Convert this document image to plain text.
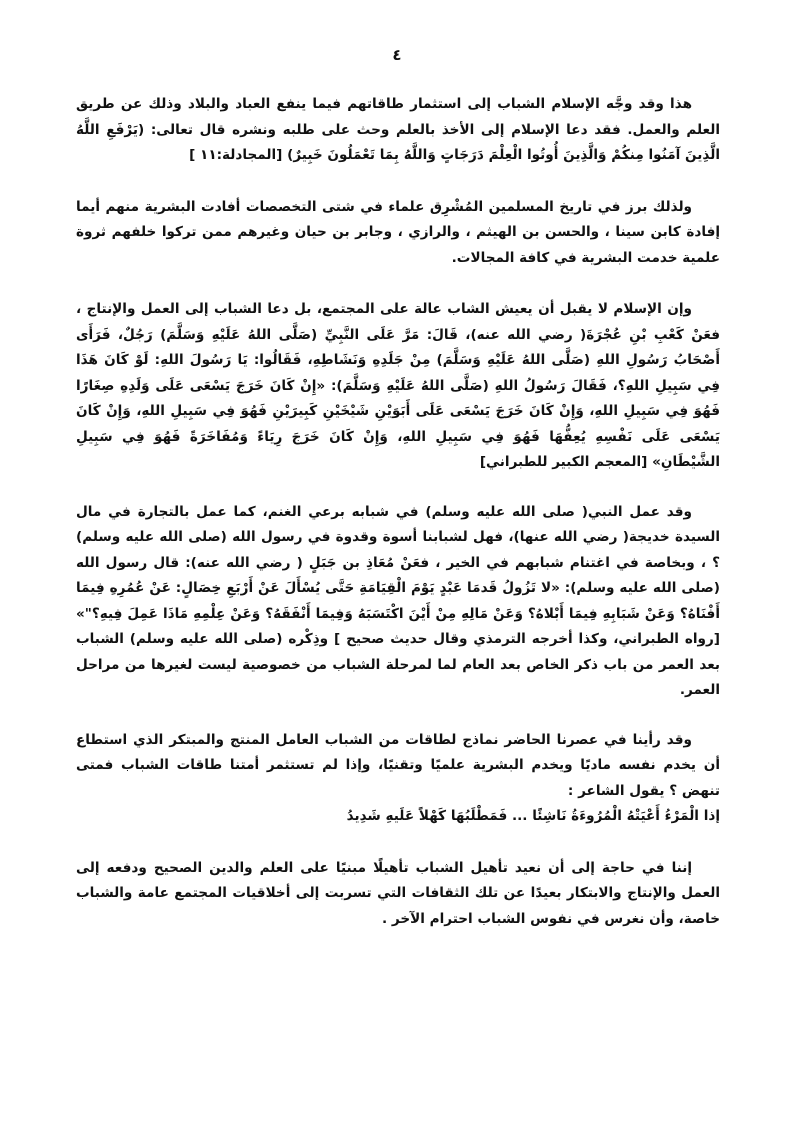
٤

هذا وقد وجَّه الإسلام الشباب إلى استثمار طاقاتهم فيما ينفع العباد والبلاد وذلك عن طريق العلم والعمل. فقد دعا الإسلام إلى الأخذ بالعلم وحث على طلبه ونشره قال تعالى: (يَرْفَعِ اللَّهُ الَّذِينَ آمَنُوا مِنكُمْ وَالَّذِينَ أُوتُوا الْعِلْمَ دَرَجَاتٍ وَاللَّهُ بِمَا تَعْمَلُونَ خَبِيرٌ) [المجادلة:١١ ]

ولذلك برز في تاريخ المسلمين المُشْرِق علماء في شتى التخصصات أفادت البشرية منهم أيما إفادة كابن سينا ، والحسن بن الهيثم ، والرازي ، وجابر بن حيان وغيرهم ممن تركوا خلفهم ثروة علمية خدمت البشرية في كافة المجالات.

وإن الإسلام لا يقبل أن يعيش الشاب عالة على المجتمع، بل دعا الشباب إلى العمل والإنتاج ، فعَنْ كَعْبِ بْنِ عُجْرَةَ( رضي الله عنه)، قَالَ: مَرَّ عَلَى النَّبِيِّ (صَلَّى اللهُ عَلَيْهِ وَسَلَّمَ) رَجُلٌ، فَرَأَى أَصْحَابُ رَسُولِ اللهِ (صَلَّى اللهُ عَلَيْهِ وَسَلَّمَ) مِنْ جَلَدِهِ وَنَشَاطِهِ، فَقَالُوا: يَا رَسُولَ اللهِ: لَوْ كَانَ هَذَا فِي سَبِيلِ اللهِ؟، فَقَالَ رَسُولُ اللهِ (صَلَّى اللهُ عَلَيْهِ وَسَلَّمَ): «إِنْ كَانَ خَرَجَ يَسْعَى عَلَى وَلَدِهِ صِغَارًا فَهُوَ فِي سَبِيلِ اللهِ، وَإِنْ كَانَ خَرَجَ يَسْعَى عَلَى أَبَوَيْنِ شَيْخَيْنِ كَبِيرَيْنِ فَهُوَ فِي سَبِيلِ اللهِ، وَإِنْ كَانَ يَسْعَى عَلَى نَفْسِهِ يُعِفُّهَا فَهُوَ فِي سَبِيلِ اللهِ، وَإِنْ كَانَ خَرَجَ رِيَاءً وَمُفَاخَرَةً فَهُوَ فِي سَبِيلِ الشَّيْطَانِ» [المعجم الكبير للطبراني]

وقد عمل النبي( صلى الله عليه وسلم) في شبابه برعي الغنم، كما عمل بالتجارة في مال السيدة خديجة( رضي الله عنها)، فهل لشبابنا أسوة وقدوة في رسول الله (صلى الله عليه وسلم) ؟ ، وبخاصة في اغتنام شبابهم في الخير ، فعَنْ مُعَاذِ بن جَبَلٍ ( رضي الله عنه): قال رسول الله (صلى الله عليه وسلم): «لا تَزُولُ قَدمَا عَبْدٍ يَوْمَ الْقِيَامَةِ حَتَّى يُسْأَلَ عَنْ أَرْبَعِ خِصَالٍ: عَنْ عُمُرِهِ فِيمَا أَفْنَاهُ؟ وَعَنْ شَبَابِهِ فِيمَا أَبْلاهُ؟ وَعَنْ مَالِهِ مِنْ أَيْنَ اكْتَسَبَهُ وَفِيمَا أَنْفَقَهُ؟ وَعَنْ عِلْمِهِ مَاذَا عَمِلَ فِيهِ؟"» [رواه الطبراني، وكذا أخرجه الترمذي وقال حديث صحيح ] وذِكْره (صلى الله عليه وسلم) الشباب بعد العمر من باب ذكر الخاص بعد العام لما لمرحلة الشباب من خصوصية ليست لغيرها من مراحل العمر.

وقد رأينا في عصرنا الحاضر نماذج لطاقات من الشباب العامل المنتج والمبتكر الذي استطاع أن يخدم نفسه ماديًا ويخدم البشرية علميًا وتقنيًا، وإذا لم تستثمر أمتنا طاقات الشباب فمتى تنهض ؟ يقول الشاعر :

إذا الْمَرْءُ أَعْيَتْهُ الْمُرُوءَةُ نَاشِئًا ... فَمَطْلَبُهَا كَهْلاً عَلَيهِ شَدِيدُ

إننا في حاجة إلى أن نعيد تأهيل الشباب تأهيلًا مبنيًا على العلم والدين الصحيح ودفعه إلى العمل والإنتاج والابتكار بعيدًا عن تلك الثقافات التي تسربت إلى أخلاقيات المجتمع عامة والشباب خاصة، وأن نغرس في نفوس الشباب احترام الآخر .
